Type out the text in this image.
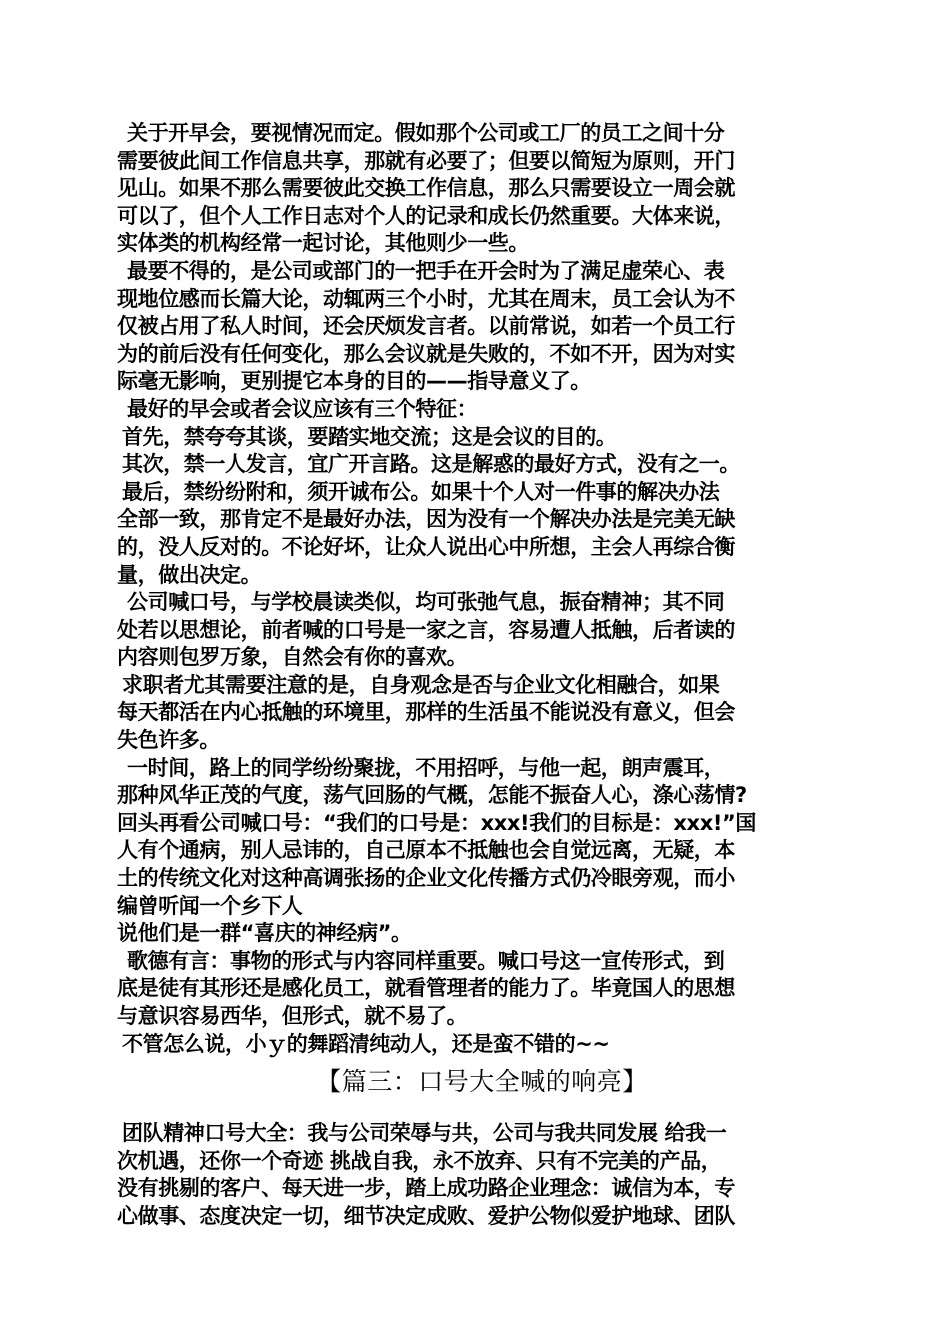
关于开早会，要视情况而定。假如那个公司或工厂的员工之间十分
需要彼此间工作信息共享，那就有必要了；但要以简短为原则，开门
见山。如果不那么需要彼此交换工作信息，那么只需要设立一周会就
可以了，但个人工作日志对个人的记录和成长仍然重要。大体来说，
实体类的机构经常一起讨论，其他则少一些。
最要不得的，是公司或部门的一把手在开会时为了满足虚荣心、表
现地位感而长篇大论，动辄两三个小时，尤其在周末，员工会认为不
仅被占用了私人时间，还会厌烦发言者。以前常说，如若一个员工行
为的前后没有任何变化，那么会议就是失败的，不如不开，因为对实
际毫无影响，更别提它本身的目的——指导意义了。
最好的早会或者会议应该有三个特征：
首先，禁夸夸其谈，要踏实地交流；这是会议的目的。
其次，禁一人发言，宜广开言路。这是解惑的最好方式，没有之一。
最后，禁纷纷附和，须开诚布公。如果十个人对一件事的解决办法
全部一致，那肯定不是最好办法，因为没有一个解决办法是完美无缺
的，没人反对的。不论好坏，让众人说出心中所想，主会人再综合衡
量，做出决定。
公司喊口号，与学校晨读类似，均可张弛气息，振奋精神；其不同
处若以思想论，前者喊的口号是一家之言，容易遭人抵触，后者读的
内容则包罗万象，自然会有你的喜欢。
求职者尤其需要注意的是，自身观念是否与企业文化相融合，如果
每天都活在内心抵触的环境里，那样的生活虽不能说没有意义，但会
失色许多。
一时间，路上的同学纷纷聚拢，不用招呼，与他一起，朗声震耳，
那种风华正茂的气度，荡气回肠的气概，怎能不振奋人心，涤心荡情?
回头再看公司喊口号：“我们的口号是：xxx!我们的目标是：xxx!”国
人有个通病，别人忌讳的，自己原本不抵触也会自觉远离，无疑，本
土的传统文化对这种高调张扬的企业文化传播方式仍冷眼旁观，而小
编曾听闻一个乡下人
说他们是一群“喜庆的神经病”。
歌德有言：事物的形式与内容同样重要。喊口号这一宣传形式，到
底是徒有其形还是感化员工，就看管理者的能力了。毕竟国人的思想
与意识容易西华，但形式，就不易了。
不管怎么说，小ｙ的舞蹈清纯动人，还是蛮不错的~~
【篇三：口号大全喊的响亮】
团队精神口号大全：我与公司荣辱与共，公司与我共同发展 给我一
次机遇，还你一个奇迹 挑战自我，永不放弃、只有不完美的产品，
没有挑剔的客户、每天进一步，踏上成功路企业理念：诚信为本，专
心做事、态度决定一切，细节决定成败、爱护公物似爱护地球、团队
